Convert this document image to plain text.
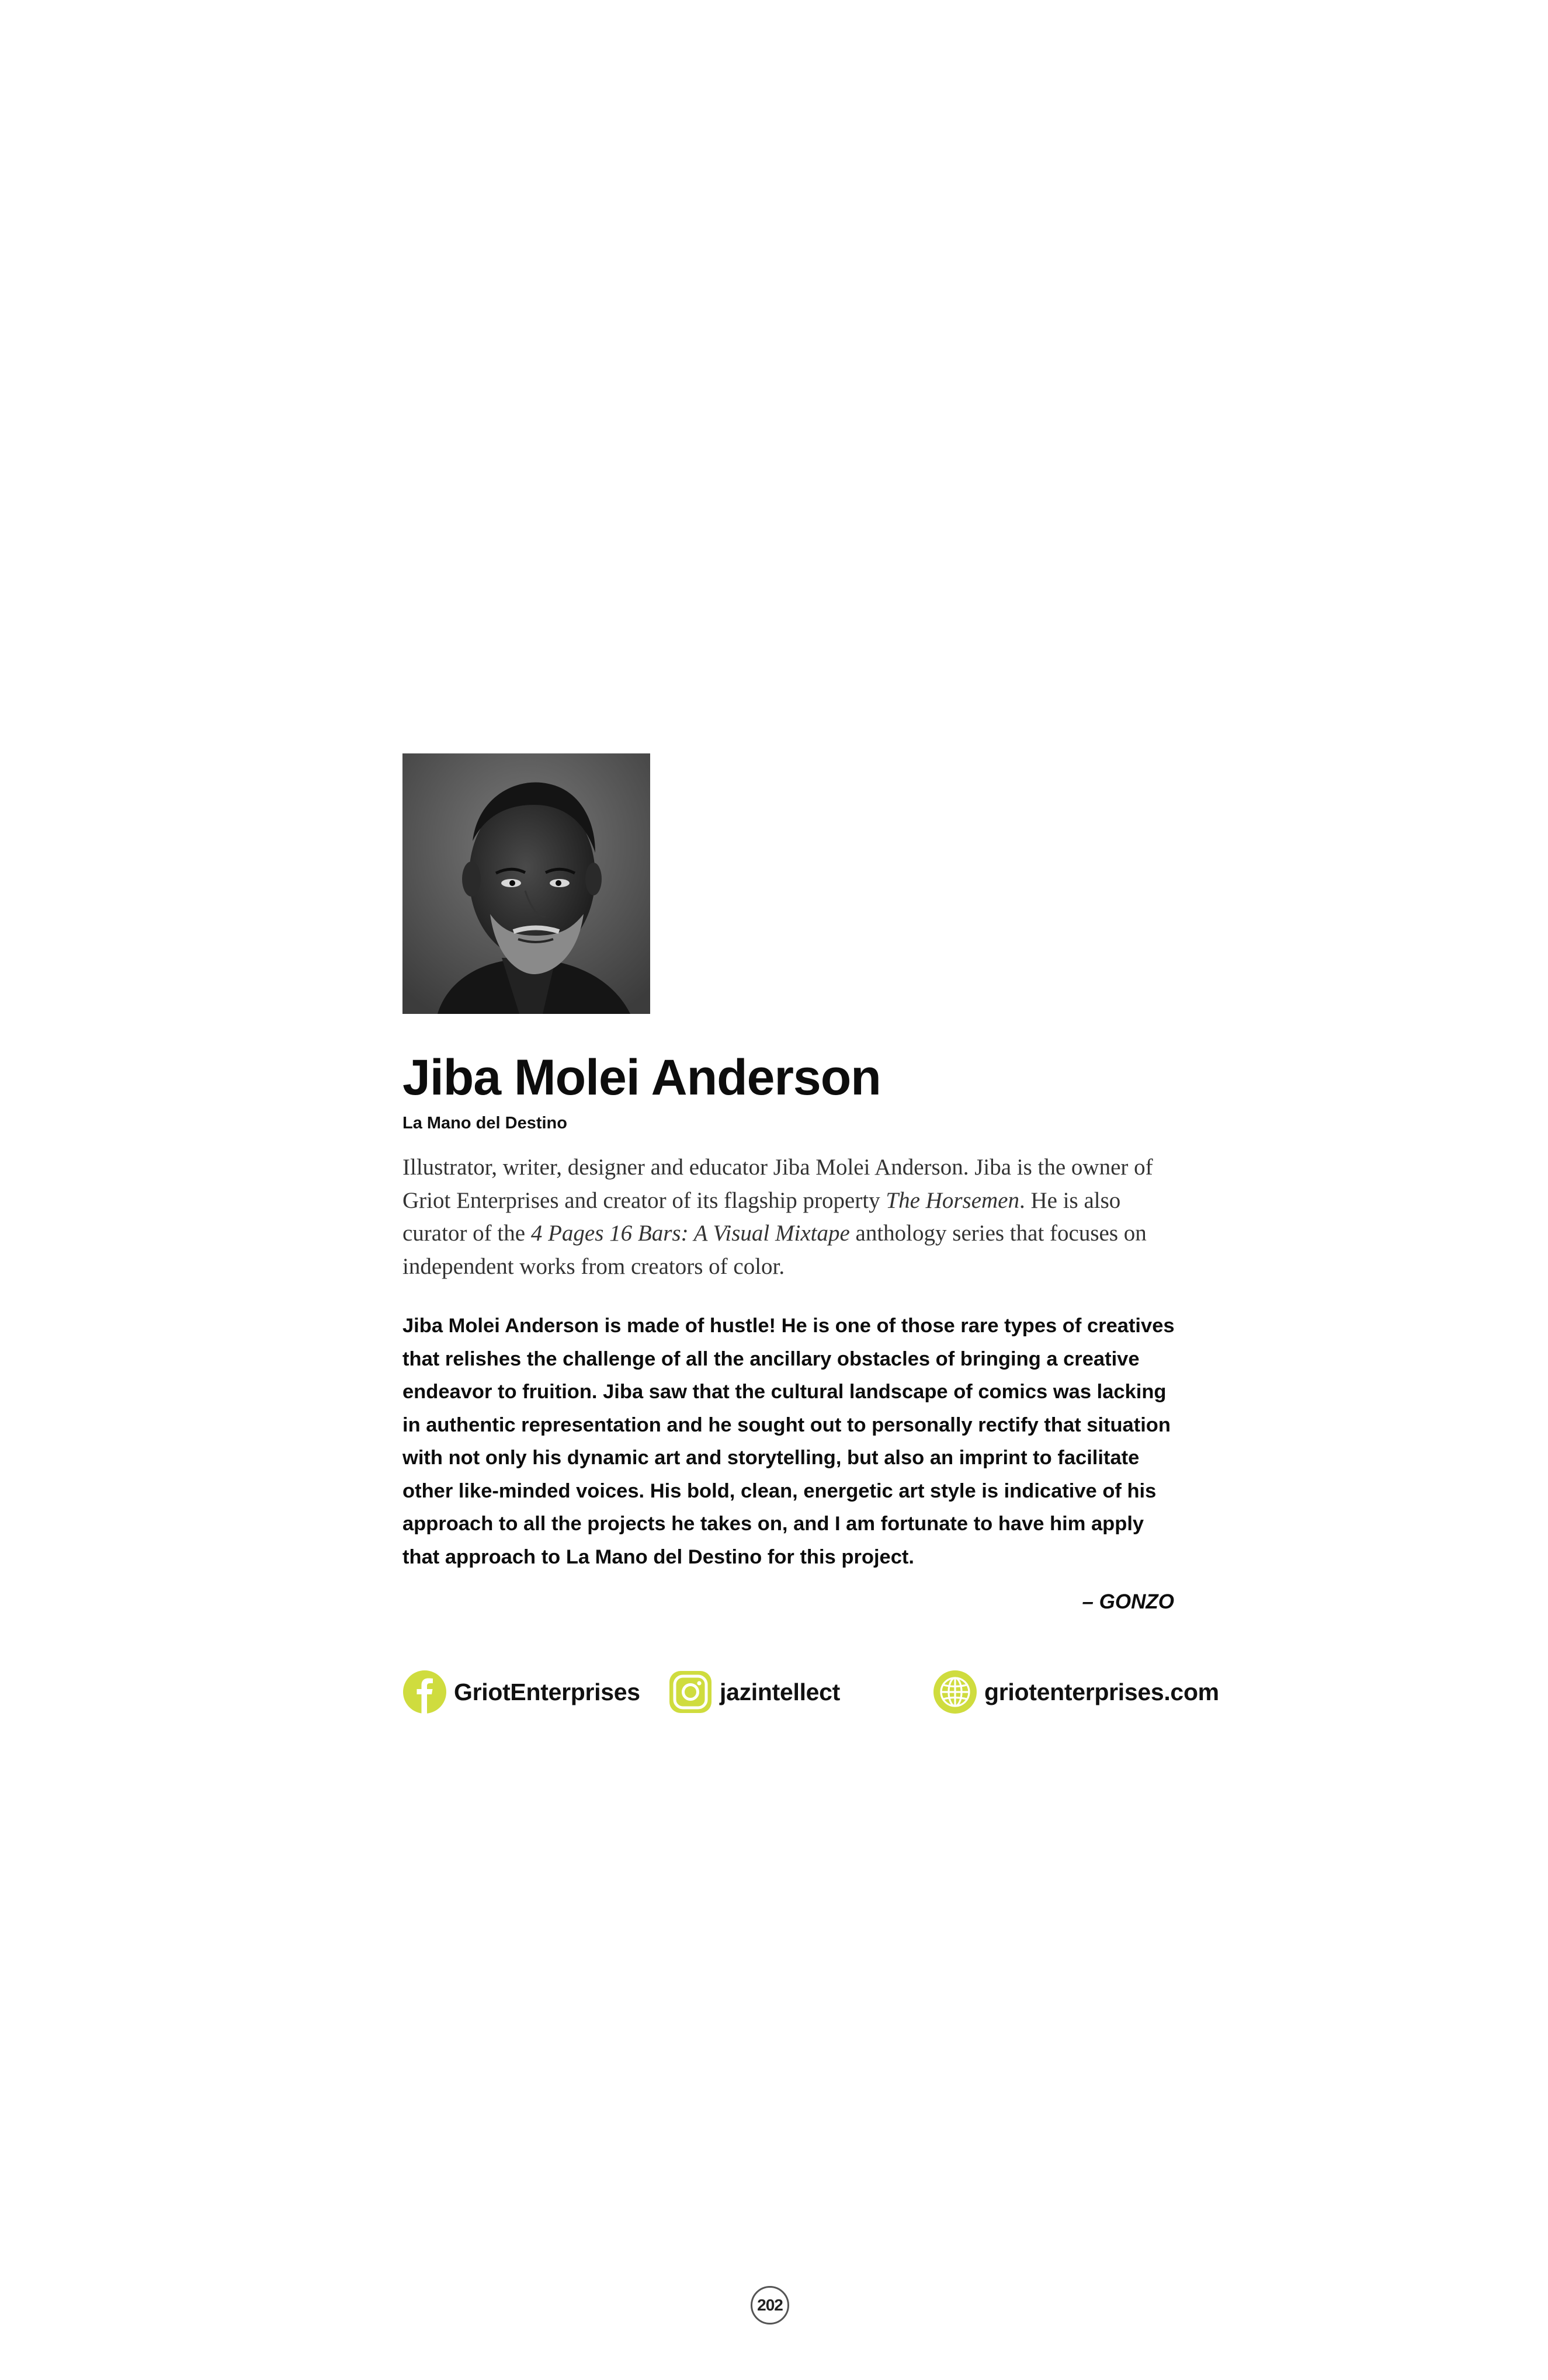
Jiba Molei Anderson
La Mano del Destino

Illustrator, writer, designer and educator Jiba Molei Anderson. Jiba is the owner of Griot Enterprises and creator of its flagship property The Horsemen. He is also curator of the 4 Pages 16 Bars: A Visual Mixtape anthology series that focuses on independent works from creators of color.

Jiba Molei Anderson is made of hustle! He is one of those rare types of creatives that relishes the challenge of all the ancillary obstacles of bringing a creative endeavor to fruition. Jiba saw that the cultural landscape of comics was lacking in authentic representation and he sought out to personally rectify that situation with not only his dynamic art and storytelling, but also an imprint to facilitate other like-minded voices. His bold, clean, energetic art style is indicative of his approach to all the projects he takes on, and I am fortunate to have him apply that approach to La Mano del Destino for this project.

– GONZO
GriotEnterprises	jazintellect	griotenterprises.com
202
